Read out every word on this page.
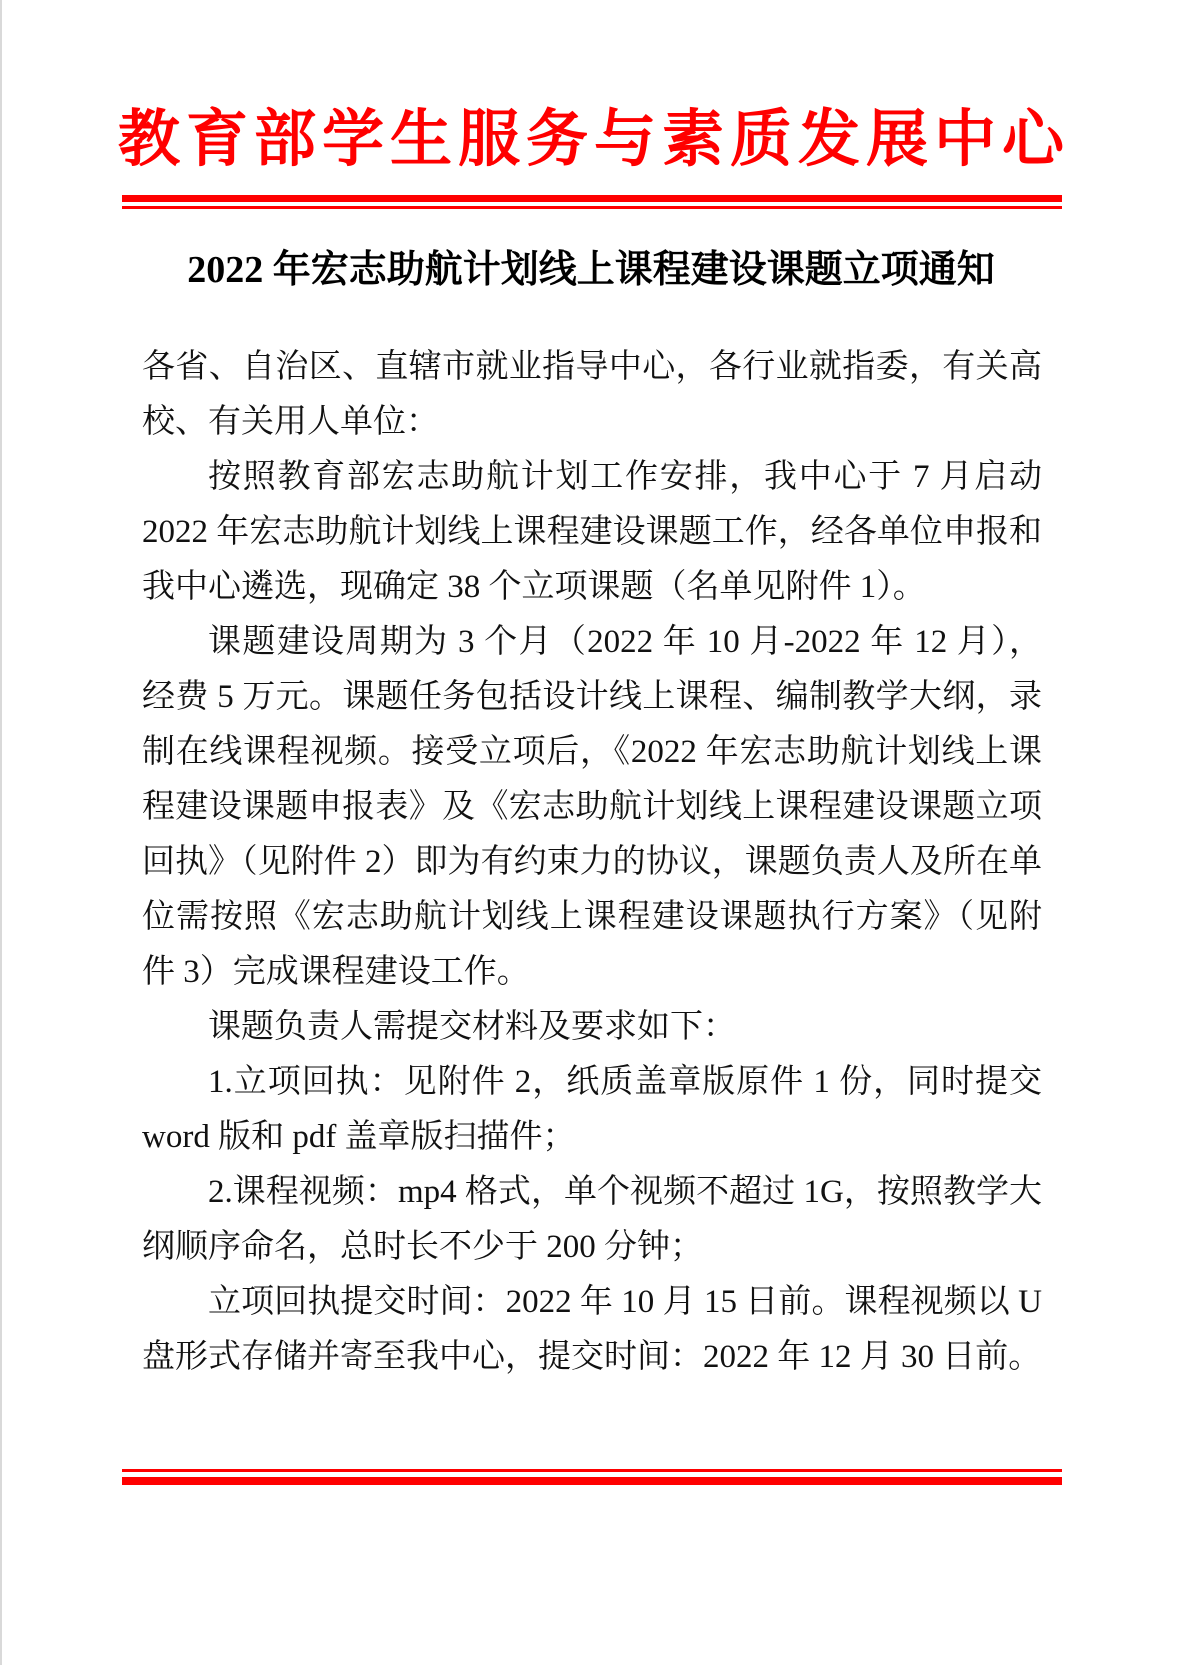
教育部学生服务与素质发展中心
2022 年宏志助航计划线上课程建设课题立项通知

各省、自治区、直辖市就业指导中心，各行业就指委，有关高校、有关用人单位：

按照教育部宏志助航计划工作安排，我中心于 7 月启动 2022 年宏志助航计划线上课程建设课题工作，经各单位申报和我中心遴选，现确定 38 个立项课题（名单见附件 1）。

课题建设周期为 3 个月（2022 年 10 月-2022 年 12 月），经费 5 万元。课题任务包括设计线上课程、编制教学大纲，录制在线课程视频。接受立项后，《2022 年宏志助航计划线上课程建设课题申报表》及《宏志助航计划线上课程建设课题立项回执》（见附件 2）即为有约束力的协议，课题负责人及所在单位需按照《宏志助航计划线上课程建设课题执行方案》（见附件 3）完成课程建设工作。

课题负责人需提交材料及要求如下：

1.立项回执：见附件 2，纸质盖章版原件 1 份，同时提交 word 版和 pdf 盖章版扫描件；

2.课程视频：mp4 格式，单个视频不超过 1G，按照教学大纲顺序命名，总时长不少于 200 分钟；

立项回执提交时间：2022 年 10 月 15 日前。课程视频以 U 盘形式存储并寄至我中心，提交时间：2022 年 12 月 30 日前。
